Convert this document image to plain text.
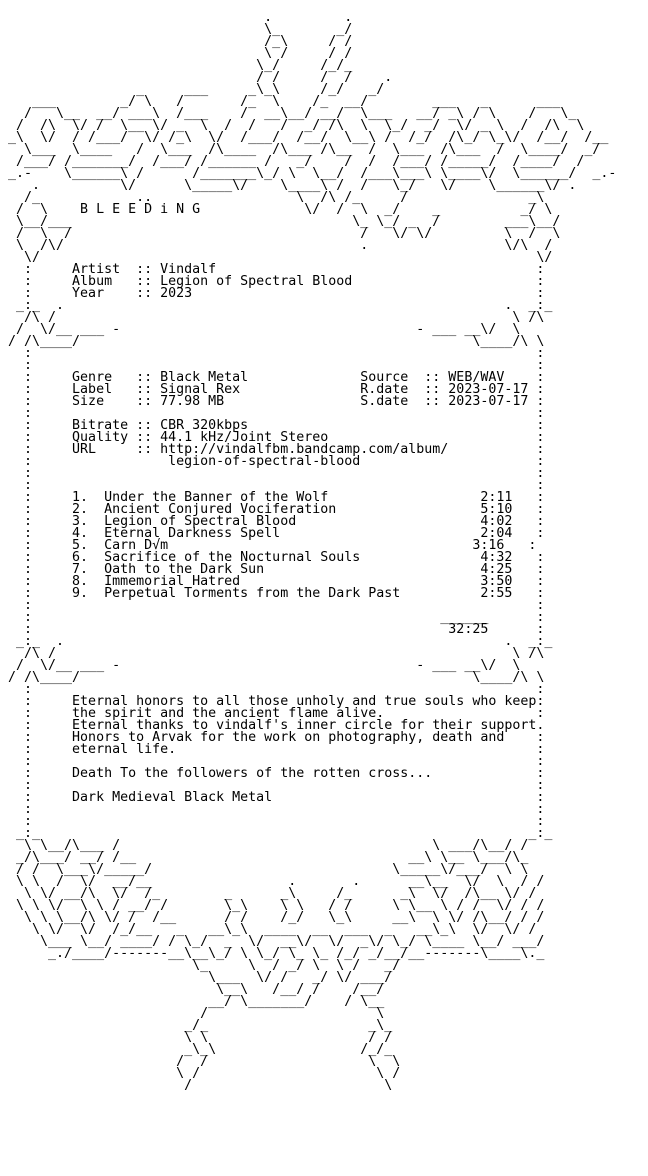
.         .
\_       _/
/_\     / /
\ /     / /
\_/     /_/_
/ /     /  /    .
_     ___     _\_\     /_/   _/
___        _/ \   /       /_  \    /_  __/        ___   _      ___
/   \__  __/ ___\  /___    /  __\__/ __/  \___   __/ _\ / \    /   \_
/  /\  \/ /  \__ \/ _  \  /  /   /  _/ /\  \  \_/  _/  \/ _ \  /  /\  \
_\  \/  / /___/  \/ /_\  \/  /___/  /__/  \__\ /  /_/  /\_/ \_\/  /__/  /__
\___  \____   /  \___  /\____  /\___ /\__  /  \___  /\___  /  \____/  _/
/___/ /_______/  /___/ /______ /   _/    /  /  /___/ /_____/  /____/  /
_.-    \______\ /      /_______\_/ \  \__/  /___\___\ \____\/  \______/  _.-
.          \/      \_____\/    \____\ /  /   \_/   \/    \______\/ .
/_            ..                  \  /\ /_     /               _\
/  \    B L E E D i N G             \/  /  \  _/    _          _/ \
\__/___                                   \_ \_/ _  /        ___\__/
/  \  /                                    /   \/ \/         \  /  \
\  /\/                                     .                 \/\  /
\/                                                              \/
:     Artist  :: Vindalf                                        :
:     Album   :: Legion of Spectral Blood                       :
:     Year    :: 2023                                           :
_:_  .                                                       .  _:_
/\ /                                                         \ /\
/  \/__ ___ -                                     - ___ __\/  \
/ /\____/                                                 \____/\ \
:                                                               :
:                                                               :
:     Genre   :: Black Metal              Source  :: WEB/WAV    :
:     Label   :: Signal Rex               R.date  :: 2023-07-17 :
:     Size    :: 77.98 MB                 S.date  :: 2023-07-17 :
:                                                               :
:     Bitrate :: CBR 320kbps                                    :
:     Quality :: 44.1 kHz/Joint Stereo                          :
:     URL     :: http://vindalfbm.bandcamp.com/album/           :
:                 legion-of-spectral-blood                      :
:                                                               :
:                                                               :
:     1.  Under the Banner of the Wolf                   2:11   :
:     2.  Ancient Conjured Vociferation                  5:10   :
:     3.  Legion of Spectral Blood                       4:02   :
:     4.  Eternal Darkness Spell                         2:04   :
:     5.  Carn D√m                                      3:16   :
:     6.  Sacrifice of the Nocturnal Souls               4:32   :
:     7.  Oath to the Dark Sun                           4:25   :
:     8.  Immemorial Hatred                              3:50   :
:     9.  Perpetual Torments from the Dark Past          2:55   :
:                                                               :
:                                                   ______      :
:                                                    32:25      :
_:_  .                                                       .  _:_
/\ /                                                         \ /\
/  \/__ ___ -                                     - ___ __\/  \
/ /\____/                                                 \____/\ \
:                                                               :
:     Eternal honors to all those unholy and true souls who keep:
:     the spirit and the ancient flame alive.                   :
:     Eternal thanks to vindalf's inner circle for their support.
:     Honors to Arvak for the work on photography, death and    :
:     eternal life.                                             :
:                                                               :
:     Death To the followers of the rotten cross...             :
:                                                               :
:     Dark Medieval Black Metal                                 :
:                                                               :
:                                                               :
_:_                                                             _:_
\ \__/\___ /                                       \ ___/\__/ /
_/\___/ __/ /__                                  __\ \__ \___/\_
/ /  \___\/_____/                              \_____\/___/  \ \
\ \  /  \/  __/__                 .       .      __\__  \/  \  / /
\ \/ __/\  \/  /_        _      _\     /_      _\  \/  /\__ \/ /
\ \ \/  \ \ / __/ /       \_\    \ \   / /     \ \__ \ / /  \/ / /
\ \ \__/\ \/ /  /__      / /    /_/   \_\     __\  \ \/ /\__/ / /
\ \/  \/  /_/__   _   __\_\  ____  __  ___  _   __\_\  \/  \/ /
\___ \__/ ____/ / \_/  _  \/  __\/  \/  _\/ \_/ \____ \__/ ___/
_./____/-------__\__\_/ \ \_/ \_ \_ /_/ _/__/__-------\____\._
\_     \  / _/ \  \ /   _/
\___  \/ /   _/ \/ ___/
\__\   /__/ /    /__/
__/ \_______/    / \__
/                     \
_/_                    _\_
\ \                    / /
_\_\                  /_/_
/  /                    \  \
\ /                      \ /
/                        \
